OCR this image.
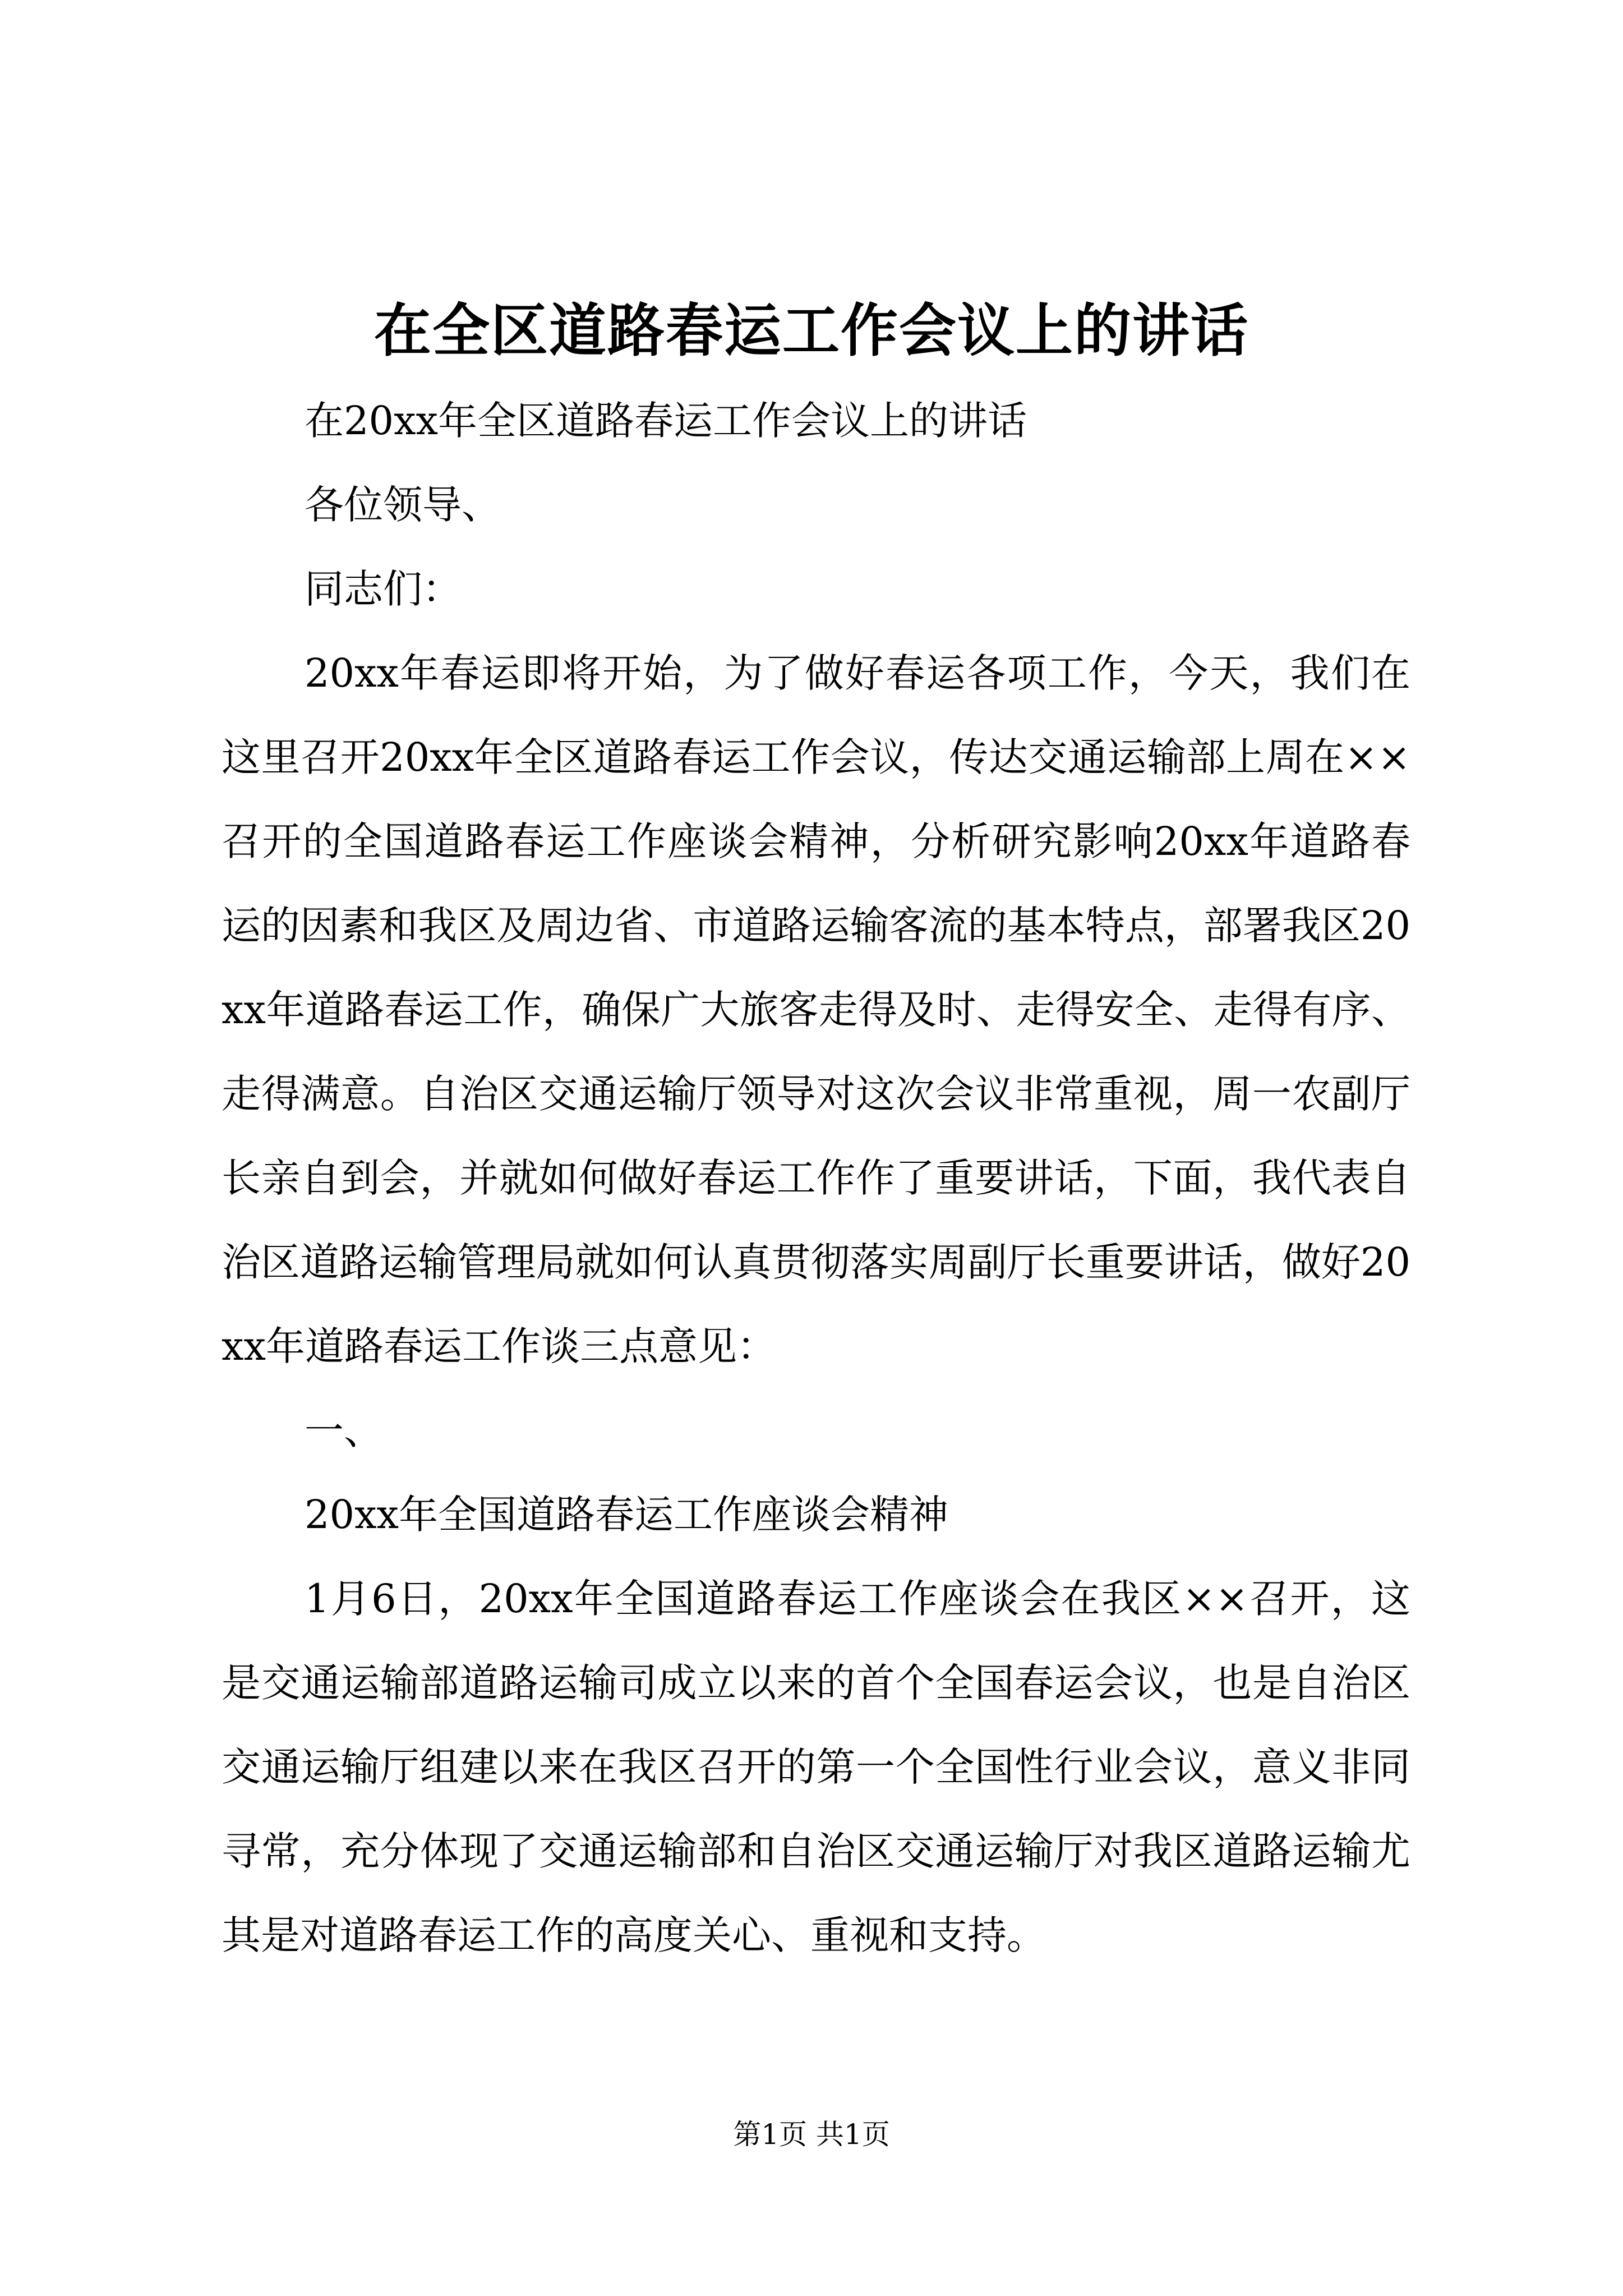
在全区道路春运工作会议上的讲话

在20xx年全区道路春运工作会议上的讲话

各位领导、

同志们：

20xx年春运即将开始，为了做好春运各项工作，今天，我们在这里召开20xx年全区道路春运工作会议，传达交通运输部上周在××召开的全国道路春运工作座谈会精神，分析研究影响20xx年道路春运的因素和我区及周边省、市道路运输客流的基本特点，部署我区20xx年道路春运工作，确保广大旅客走得及时、走得安全、走得有序、走得满意。自治区交通运输厅领导对这次会议非常重视，周一农副厅长亲自到会，并就如何做好春运工作作了重要讲话，下面，我代表自治区道路运输管理局就如何认真贯彻落实周副厅长重要讲话，做好20xx年道路春运工作谈三点意见：

一、

20xx年全国道路春运工作座谈会精神

1月6日，20xx年全国道路春运工作座谈会在我区××召开，这是交通运输部道路运输司成立以来的首个全国春运会议，也是自治区交通运输厅组建以来在我区召开的第一个全国性行业会议，意义非同寻常，充分体现了交通运输部和自治区交通运输厅对我区道路运输尤其是对道路春运工作的高度关心、重视和支持。

第1页 共1页
